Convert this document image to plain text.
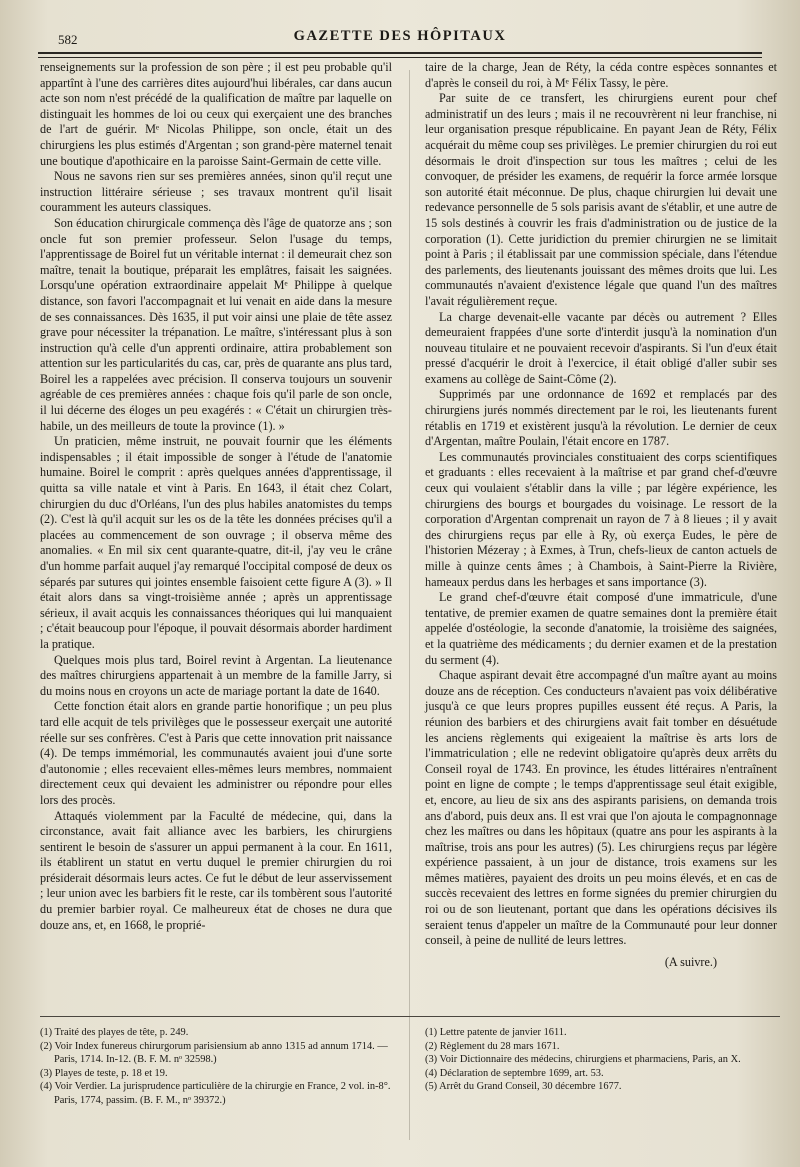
582	GAZETTE DES HÔPITAUX

renseignements sur la profession de son père ; il est peu probable qu'il appartînt à l'une des carrières dites aujourd'hui libérales, car dans aucun acte son nom n'est précédé de la qualification de maître par laquelle on distinguait les hommes de loi ou ceux qui exerçaient une des branches de l'art de guérir. Mᵉ Nicolas Philippe, son oncle, était un des chirurgiens les plus estimés d'Argentan ; son grand-père maternel tenait une boutique d'apothicaire en la paroisse Saint-Germain de cette ville.

Nous ne savons rien sur ses premières années, sinon qu'il reçut une instruction littéraire sérieuse ; ses travaux montrent qu'il lisait couramment les auteurs classiques.

Son éducation chirurgicale commença dès l'âge de quatorze ans ; son oncle fut son premier professeur. Selon l'usage du temps, l'apprentissage de Boirel fut un véritable internat : il demeurait chez son maître, tenait la boutique, préparait les emplâtres, faisait les saignées. Lorsqu'une opération extraordinaire appelait Mᵉ Philippe à quelque distance, son favori l'accompagnait et lui venait en aide dans la mesure de ses connaissances. Dès 1635, il put voir ainsi une plaie de tête assez grave pour nécessiter la trépanation. Le maître, s'intéressant plus à son instruction qu'à celle d'un apprenti ordinaire, attira probablement son attention sur les particularités du cas, car, près de quarante ans plus tard, Boirel les a rappelées avec précision. Il conserva toujours un souvenir agréable de ces premières années : chaque fois qu'il parle de son oncle, il lui décerne des éloges un peu exagérés : « C'était un chirurgien très-habile, un des meilleurs de toute la province (1). »

Un praticien, même instruit, ne pouvait fournir que les éléments indispensables ; il était impossible de songer à l'étude de l'anatomie humaine. Boirel le comprit : après quelques années d'apprentissage, il quitta sa ville natale et vint à Paris. En 1643, il était chez Colart, chirurgien du duc d'Orléans, l'un des plus habiles anatomistes du temps (2). C'est là qu'il acquit sur les os de la tête les données précises qu'il a placées au commencement de son ouvrage ; il observa même des anomalies. « En mil six cent quarante-quatre, dit-il, j'ay veu le crâne d'un homme parfait auquel j'ay remarqué l'occipital composé de deux os séparés par sutures qui jointes ensemble faisoient cette figure A (3). » Il était alors dans sa vingt-troisième année ; après un apprentissage sérieux, il avait acquis les connaissances théoriques qui lui manquaient ; c'était beaucoup pour l'époque, il pouvait désormais aborder hardiment la pratique.

Quelques mois plus tard, Boirel revint à Argentan. La lieutenance des maîtres chirurgiens appartenait à un membre de la famille Jarry, si du moins nous en croyons un acte de mariage portant la date de 1640.

Cette fonction était alors en grande partie honorifique ; un peu plus tard elle acquit de tels privilèges que le possesseur exerçait une autorité réelle sur ses confrères. C'est à Paris que cette innovation prit naissance (4). De temps immémorial, les communautés avaient joui d'une sorte d'autonomie ; elles recevaient elles-mêmes leurs membres, nommaient directement ceux qui devaient les administrer ou répondre pour elles lors des procès.

Attaqués violemment par la Faculté de médecine, qui, dans la circonstance, avait fait alliance avec les barbiers, les chirurgiens sentirent le besoin de s'assurer un appui permanent à la cour. En 1611, ils établirent un statut en vertu duquel le premier chirurgien du roi présiderait désormais leurs actes. Ce fut le début de leur asservissement ; leur union avec les barbiers fit le reste, car ils tombèrent sous l'autorité du premier barbier royal. Ce malheureux état de choses ne dura que douze ans, et, en 1668, le proprié-

taire de la charge, Jean de Réty, la céda contre espèces sonnantes et d'après le conseil du roi, à Mᵉ Félix Tassy, le père.

Par suite de ce transfert, les chirurgiens eurent pour chef administratif un des leurs ; mais il ne recouvrèrent ni leur franchise, ni leur organisation presque républicaine. En payant Jean de Réty, Félix acquérait du même coup ses privilèges. Le premier chirurgien du roi eut désormais le droit d'inspection sur tous les maîtres ; celui de les convoquer, de présider les examens, de requérir la force armée lorsque son autorité était méconnue. De plus, chaque chirurgien lui devait une redevance personnelle de 5 sols parisis avant de s'établir, et une autre de 15 sols destinés à couvrir les frais d'administration ou de justice de la corporation (1). Cette juridiction du premier chirurgien ne se limitait point à Paris ; il établissait par une commission spéciale, dans l'étendue des parlements, des lieutenants jouissant des mêmes droits que lui. Les communautés n'avaient d'existence légale que quand l'un des maîtres l'avait régulièrement reçue.

La charge devenait-elle vacante par décès ou autrement ? Elles demeuraient frappées d'une sorte d'interdit jusqu'à la nomination d'un nouveau titulaire et ne pouvaient recevoir d'aspirants. Si l'un d'eux était pressé d'acquérir le droit à l'exercice, il était obligé d'aller subir ses examens au collège de Saint-Côme (2).

Supprimés par une ordonnance de 1692 et remplacés par des chirurgiens jurés nommés directement par le roi, les lieutenants furent rétablis en 1719 et existèrent jusqu'à la révolution. Le dernier de ceux d'Argentan, maître Poulain, l'était encore en 1787.

Les communautés provinciales constituaient des corps scientifiques et graduants : elles recevaient à la maîtrise et par grand chef-d'œuvre ceux qui voulaient s'établir dans la ville ; par légère expérience, les chirurgiens des bourgs et bourgades du voisinage. Le ressort de la corporation d'Argentan comprenait un rayon de 7 à 8 lieues ; il y avait des chirurgiens reçus par elle à Ry, où exerça Eudes, le père de l'historien Mézeray ; à Exmes, à Trun, chefs-lieux de canton actuels de mille à quinze cents âmes ; à Chambois, à Saint-Pierre la Rivière, hameaux perdus dans les herbages et sans importance (3).

Le grand chef-d'œuvre était composé d'une immatricule, d'une tentative, de premier examen de quatre semaines dont la première était appelée d'ostéologie, la seconde d'anatomie, la troisième des saignées, et la quatrième des médicaments ; du dernier examen et de la prestation du serment (4).

Chaque aspirant devait être accompagné d'un maître ayant au moins douze ans de réception. Ces conducteurs n'avaient pas voix délibérative jusqu'à ce que leurs propres pupilles eussent été reçus. A Paris, la réunion des barbiers et des chirurgiens avait fait tomber en désuétude les anciens règlements qui exigeaient la maîtrise ès arts lors de l'immatriculation ; elle ne redevint obligatoire qu'après deux arrêts du Conseil royal de 1743. En province, les études littéraires n'entraînent point en ligne de compte ; le temps d'apprentissage seul était exigible, et, encore, au lieu de six ans des aspirants parisiens, on demanda trois ans d'abord, puis deux ans. Il est vrai que l'on ajouta le compagnonnage chez les maîtres ou dans les hôpitaux (quatre ans pour les aspirants à la maîtrise, trois ans pour les autres) (5). Les chirurgiens reçus par légère expérience passaient, à un jour de distance, trois examens sur les mêmes matières, payaient des droits un peu moins élevés, et en cas de succès recevaient des lettres en forme signées du premier chirurgien du roi ou de son lieutenant, portant que dans les opérations décisives ils seraient tenus d'appeler un maître de la Communauté pour leur donner conseil, à peine de nullité de leurs lettres.

(A suivre.)

(1) Traité des playes de tête, p. 249.

(2) Voir Index funereus chirurgorum parisiensium ab anno 1315 ad annum 1714. — Paris, 1714. In-12. (B. F. M. nᵒ 32598.)

(3) Playes de teste, p. 18 et 19.

(4) Voir Verdier. La jurisprudence particulière de la chirurgie en France, 2 vol. in-8°. Paris, 1774, passim. (B. F. M., nᵒ 39372.)

(1) Lettre patente de janvier 1611.

(2) Règlement du 28 mars 1671.

(3) Voir Dictionnaire des médecins, chirurgiens et pharmaciens, Paris, an X.

(4) Déclaration de septembre 1699, art. 53.

(5) Arrêt du Grand Conseil, 30 décembre 1677.
